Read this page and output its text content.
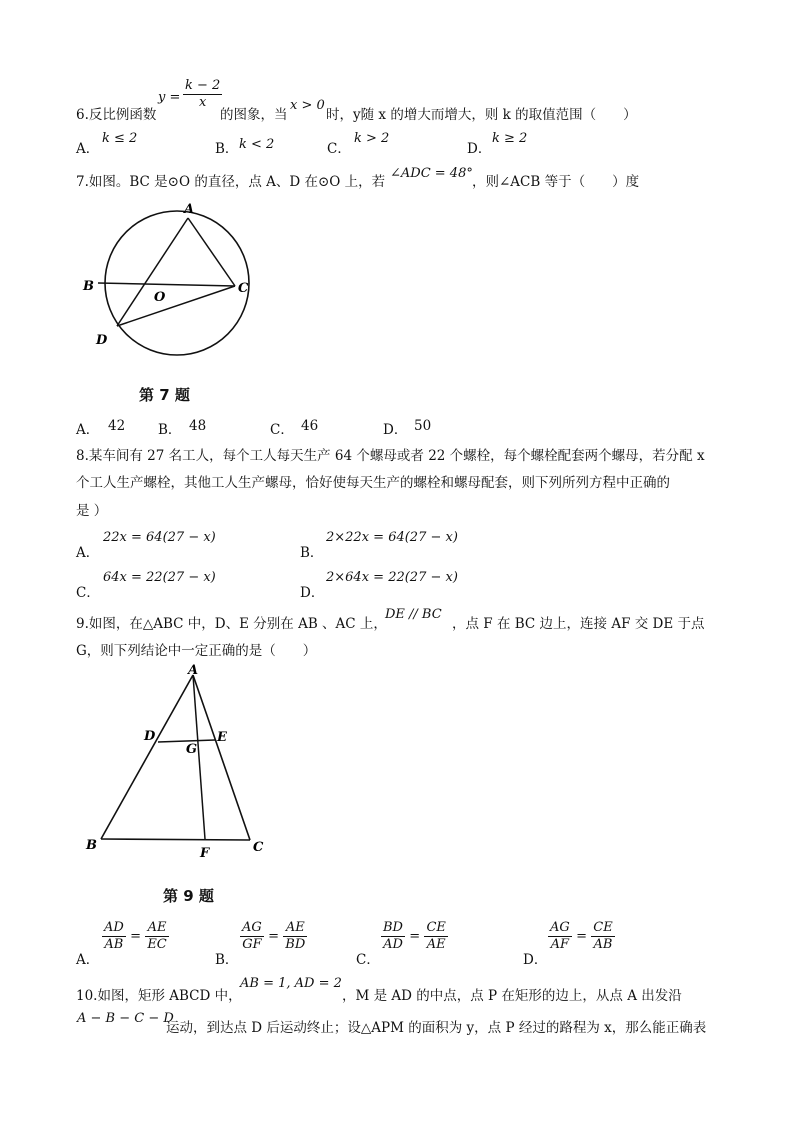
6.反比例函数
$y = \frac{k - 2}{x}$
的图象，当
x > 0
时，y随 x 的增大而增大，则 k 的取值范围（　　）
A．
k ≤ 2
B． k < 2	C．
k > 2
D．
k ≥ 2
7.如图。BC 是⊙O 的直径，点 A、D 在⊙O 上，若
∠ADC = 48°
，则∠ACB 等于（　　）度
A
B	C
D
O
第 7 题
A． 42 B． 48	C． 46	D． 50
8.某车间有 27 名工人，每个工人每天生产 64 个螺母或者 22 个螺栓，每个螺栓配套两个螺母，若分配 x
个工人生产螺栓，其他工人生产螺母，恰好使每天生产的螺栓和螺母配套，则下列所列方程中正确的
是 ）
A．
22x = 64(27 − x)
B．
2×22x = 64(27 − x)
C．
64x = 22(27 − x)
D．
2×64x = 22(27 − x)
9.如图，在△ABC 中，D、E 分别在 AB 、AC 上，
DE // BC
，点 F 在 BC 边上，连接 AF 交 DE 于点
G，则下列结论中一定正确的是（　　）
A
D	E
G
B	C
F
第 9 题
A．
$\frac{AD}{AB} = \frac{AE}{EC}$
B．
$\frac{AG}{GF} = \frac{AE}{BD}$
C．
$\frac{BD}{AD} = \frac{CE}{AE}$
D．
$\frac{AG}{AF} = \frac{CE}{AB}$
10.如图，矩形 ABCD 中，
AB = 1, AD = 2
，M 是 AD 的中点，点 P 在矩形的边上，从点 A 出发沿
A − B − C − D
运动，到达点 D 后运动终止；设△APM 的面积为 y，点 P 经过的路程为 x，那么能正确表
